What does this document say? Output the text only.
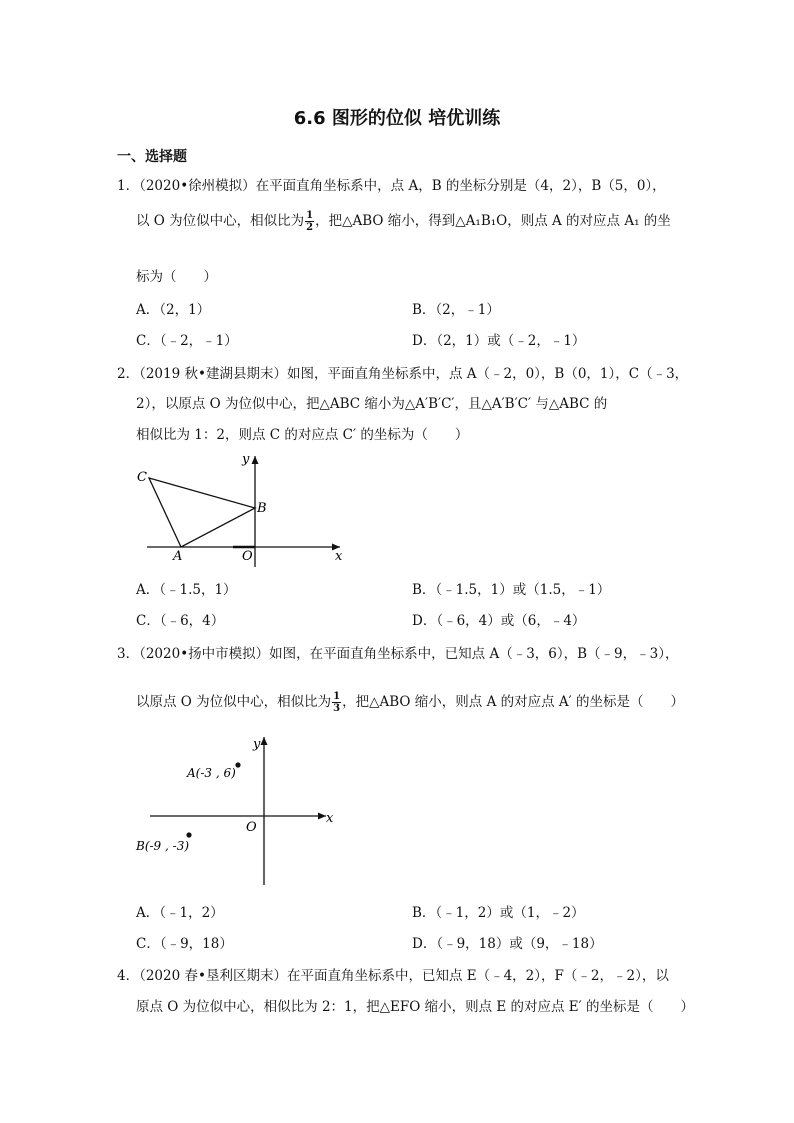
6.6 图形的位似 培优训练
一、选择题
1．（2020•徐州模拟）在平面直角坐标系中，点 A，B 的坐标分别是（4，2），B（5，0），
以 O 为位似中心，相似比为 $\frac{1}{2}$ ，把△ABO 缩小，得到△A₁B₁O，则点 A 的对应点 A₁ 的坐
标为（　　）
A．（2，1）	B．（2，﹣1）
C．（﹣2，﹣1）	D．（2，1）或（﹣2，﹣1）
2．（2019 秋•建湖县期末）如图，平面直角坐标系中，点 A（﹣2，0），B（0，1），C（﹣3，
2），以原点 O 为位似中心，把△ABC 缩小为△A′B′C′，且△A′B′C′ 与△ABC 的
相似比为 1：2，则点 C 的对应点 C′ 的坐标为（　　）
C
B
A	O	x
y
A．（﹣1.5，1）	B．（﹣1.5，1）或（1.5，﹣1）
C．（﹣6，4）	D．（﹣6，4）或（6，﹣4）
3．（2020•扬中市模拟）如图，在平面直角坐标系中，已知点 A（﹣3，6），B（﹣9，﹣3），
以原点 O 为位似中心，相似比为 $\frac{1}{3}$ ，把△ABO 缩小，则点 A 的对应点 A′ 的坐标是（　　）
A(-3 , 6)
B(-9 , -3)
O
x
y
A．（﹣1，2）	B．（﹣1，2）或（1，﹣2）
C．（﹣9，18）	D．（﹣9，18）或（9，﹣18）
4．（2020 春•垦利区期末）在平面直角坐标系中，已知点 E（﹣4，2），F（﹣2，﹣2），以
原点 O 为位似中心，相似比为 2：1，把△EFO 缩小，则点 E 的对应点 E′ 的坐标是（　　）
